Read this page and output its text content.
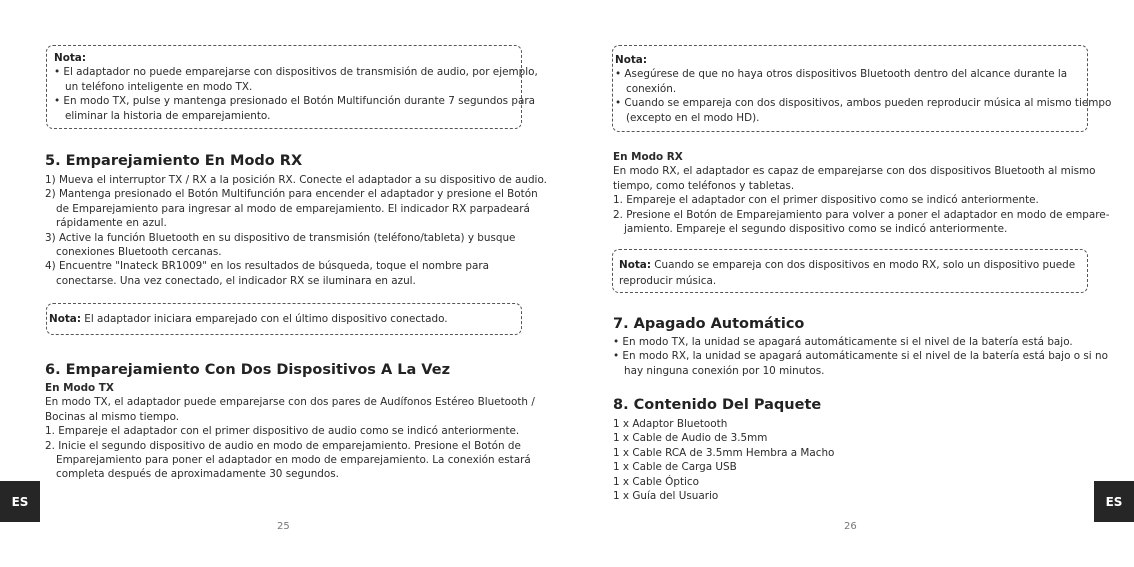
Nota:
• El adaptador no puede emparejarse con dispositivos de transmisión de audio, por ejemplo,
un teléfono inteligente en modo TX.
• En modo TX, pulse y mantenga presionado el Botón Multifunción durante 7 segundos para
eliminar la historia de emparejamiento.
5. Emparejamiento En Modo RX
1) Mueva el interruptor TX / RX a la posición RX. Conecte el adaptador a su dispositivo de audio.
2) Mantenga presionado el Botón Multifunción para encender el adaptador y presione el Botón
de Emparejamiento para ingresar al modo de emparejamiento. El indicador RX parpadeará
rápidamente en azul.
3) Active la función Bluetooth en su dispositivo de transmisión (teléfono/tableta) y busque
conexiones Bluetooth cercanas.
4) Encuentre "Inateck BR1009" en los resultados de búsqueda, toque el nombre para
conectarse. Una vez conectado, el indicador RX se iluminara en azul.
Nota: El adaptador iniciara emparejado con el último dispositivo conectado.
6. Emparejamiento Con Dos Dispositivos A La Vez
En Modo TX
En modo TX, el adaptador puede emparejarse con dos pares de Audífonos Estéreo Bluetooth /
Bocinas al mismo tiempo.
1. Empareje el adaptador con el primer dispositivo de audio como se indicó anteriormente.
2. Inicie el segundo dispositivo de audio en modo de emparejamiento. Presione el Botón de
Emparejamiento para poner el adaptador en modo de emparejamiento. La conexión estará
completa después de aproximadamente 30 segundos.
ES
25
Nota:
• Asegúrese de que no haya otros dispositivos Bluetooth dentro del alcance durante la
conexión.
• Cuando se empareja con dos dispositivos, ambos pueden reproducir música al mismo tiempo
(excepto en el modo HD).
En Modo RX
En modo RX, el adaptador es capaz de emparejarse con dos dispositivos Bluetooth al mismo
tiempo, como teléfonos y tabletas.
1. Empareje el adaptador con el primer dispositivo como se indicó anteriormente.
2. Presione el Botón de Emparejamiento para volver a poner el adaptador en modo de empare-
jamiento. Empareje el segundo dispositivo como se indicó anteriormente.
Nota: Cuando se empareja con dos dispositivos en modo RX, solo un dispositivo puede
reproducir música.
7. Apagado Automático
• En modo TX, la unidad se apagará automáticamente si el nivel de la batería está bajo.
• En modo RX, la unidad se apagará automáticamente si el nivel de la batería está bajo o si no
hay ninguna conexión por 10 minutos.
8. Contenido Del Paquete
1 x Adaptor Bluetooth
1 x Cable de Audio de 3.5mm
1 x Cable RCA de 3.5mm Hembra a Macho
1 x Cable de Carga USB
1 x Cable Óptico
1 x Guía del Usuario	ES
26
